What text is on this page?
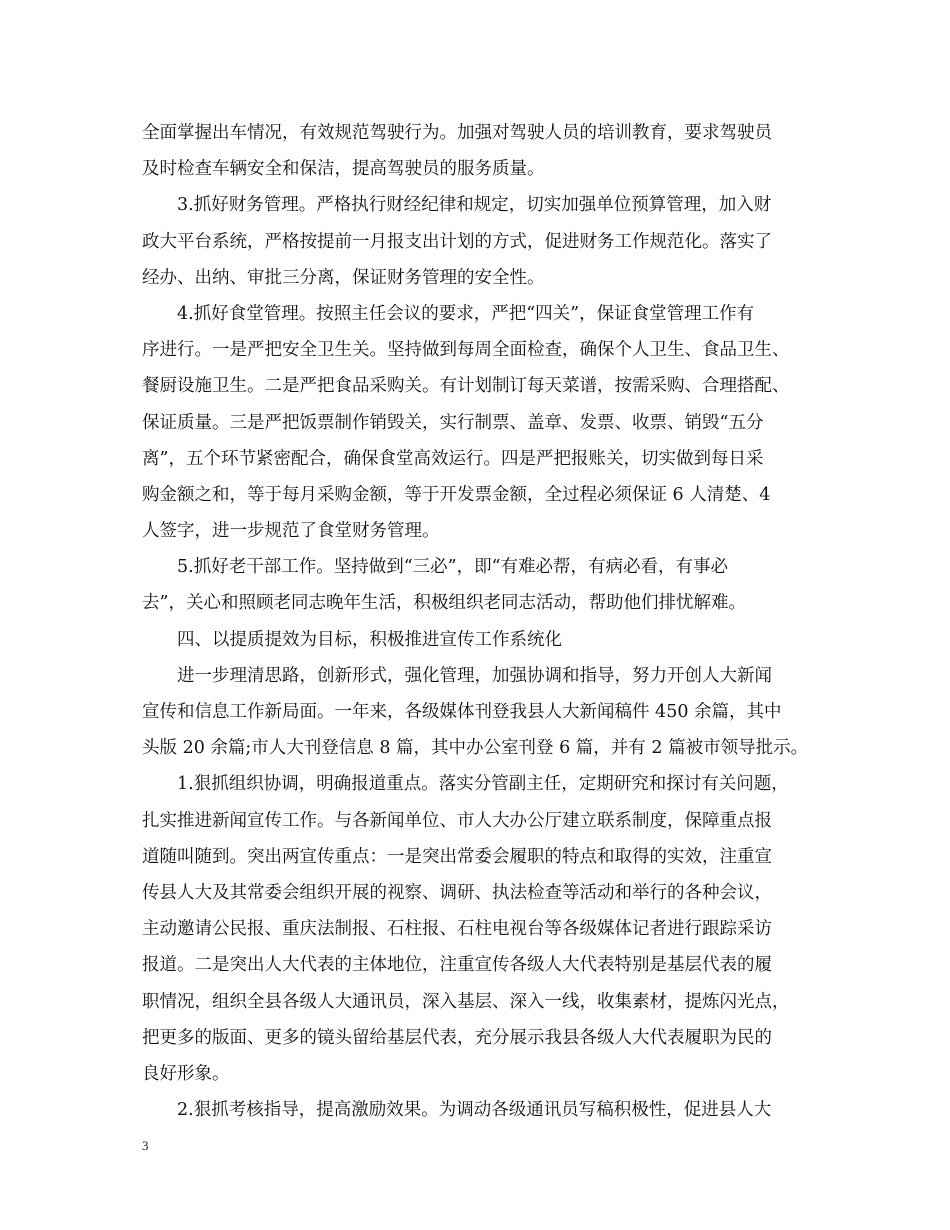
全面掌握出车情况，有效规范驾驶行为。加强对驾驶人员的培训教育，要求驾驶员
及时检查车辆安全和保洁，提高驾驶员的服务质量。
3.抓好财务管理。严格执行财经纪律和规定，切实加强单位预算管理，加入财
政大平台系统，严格按提前一月报支出计划的方式，促进财务工作规范化。落实了
经办、出纳、审批三分离，保证财务管理的安全性。
4.抓好食堂管理。按照主任会议的要求，严把“四关”，保证食堂管理工作有
序进行。一是严把安全卫生关。坚持做到每周全面检查，确保个人卫生、食品卫生、
餐厨设施卫生。二是严把食品采购关。有计划制订每天菜谱，按需采购、合理搭配、
保证质量。三是严把饭票制作销毁关，实行制票、盖章、发票、收票、销毁“五分
离”，五个环节紧密配合，确保食堂高效运行。四是严把报账关，切实做到每日采
购金额之和，等于每月采购金额，等于开发票金额，全过程必须保证 6 人清楚、4
人签字，进一步规范了食堂财务管理。
5.抓好老干部工作。坚持做到“三必”，即“有难必帮，有病必看，有事必
去”，关心和照顾老同志晚年生活，积极组织老同志活动，帮助他们排忧解难。
四、以提质提效为目标，积极推进宣传工作系统化
进一步理清思路，创新形式，强化管理，加强协调和指导，努力开创人大新闻
宣传和信息工作新局面。一年来，各级媒体刊登我县人大新闻稿件 450 余篇，其中
头版 20 余篇;市人大刊登信息 8 篇，其中办公室刊登 6 篇，并有 2 篇被市领导批示。
1.狠抓组织协调，明确报道重点。落实分管副主任，定期研究和探讨有关问题，
扎实推进新闻宣传工作。与各新闻单位、市人大办公厅建立联系制度，保障重点报
道随叫随到。突出两宣传重点：一是突出常委会履职的特点和取得的实效，注重宣
传县人大及其常委会组织开展的视察、调研、执法检查等活动和举行的各种会议，
主动邀请公民报、重庆法制报、石柱报、石柱电视台等各级媒体记者进行跟踪采访
报道。二是突出人大代表的主体地位，注重宣传各级人大代表特别是基层代表的履
职情况，组织全县各级人大通讯员，深入基层、深入一线，收集素材，提炼闪光点，
把更多的版面、更多的镜头留给基层代表，充分展示我县各级人大代表履职为民的
良好形象。
2.狠抓考核指导，提高激励效果。为调动各级通讯员写稿积极性，促进县人大
3
